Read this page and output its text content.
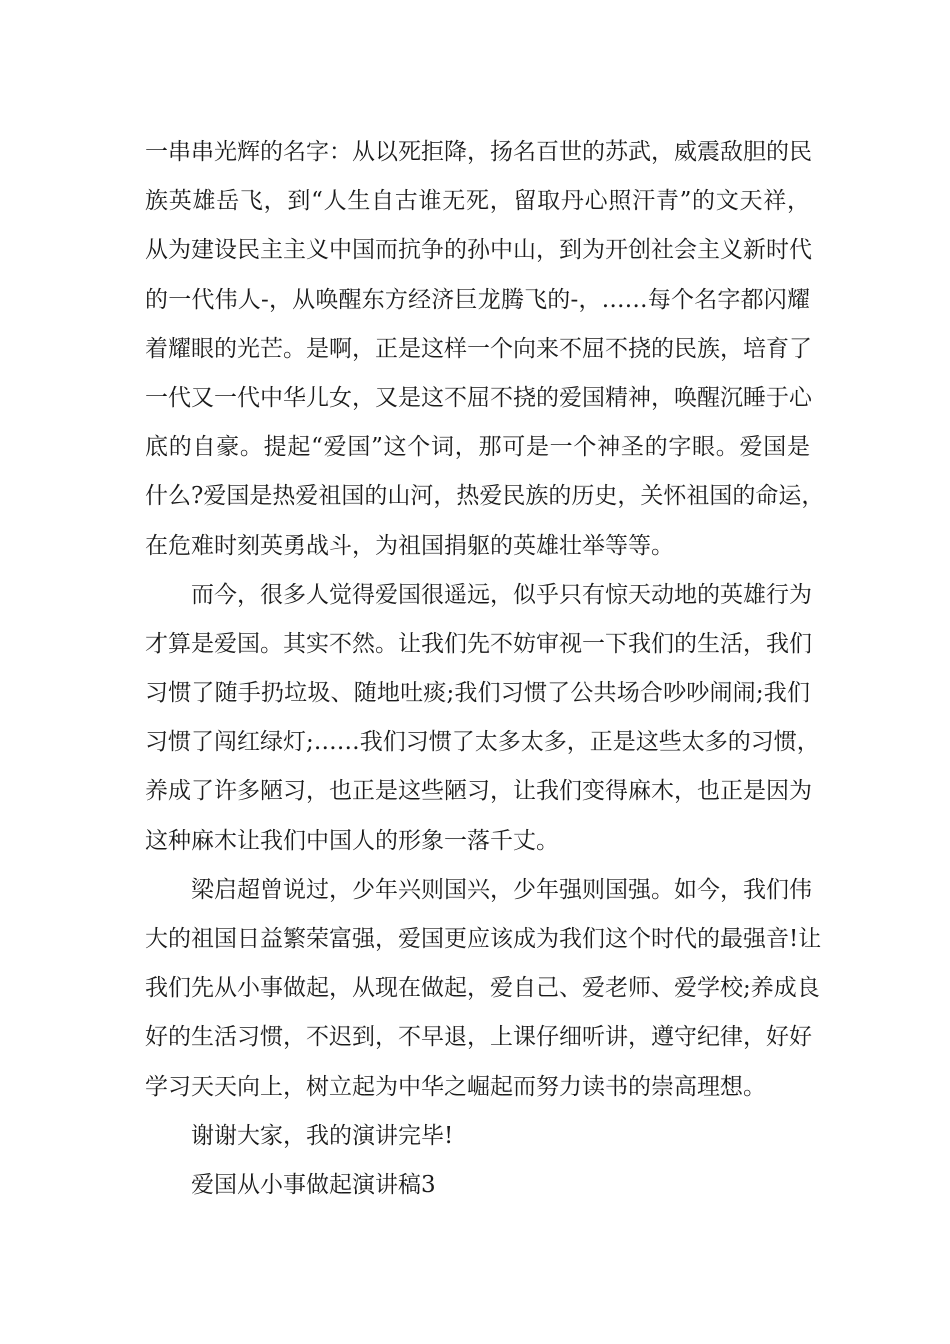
一串串光辉的名字：从以死拒降，扬名百世的苏武，威震敌胆的民
族英雄岳飞，到“人生自古谁无死，留取丹心照汗青”的文天祥，
从为建设民主主义中国而抗争的孙中山，到为开创社会主义新时代
的一代伟人-，从唤醒东方经济巨龙腾飞的-，……每个名字都闪耀
着耀眼的光芒。是啊，正是这样一个向来不屈不挠的民族，培育了
一代又一代中华儿女，又是这不屈不挠的爱国精神，唤醒沉睡于心
底的自豪。提起“爱国”这个词，那可是一个神圣的字眼。爱国是
什么?爱国是热爱祖国的山河，热爱民族的历史，关怀祖国的命运，
在危难时刻英勇战斗，为祖国捐躯的英雄壮举等等。
而今，很多人觉得爱国很遥远，似乎只有惊天动地的英雄行为
才算是爱国。其实不然。让我们先不妨审视一下我们的生活，我们
习惯了随手扔垃圾、随地吐痰;我们习惯了公共场合吵吵闹闹;我们
习惯了闯红绿灯;……我们习惯了太多太多，正是这些太多的习惯，
养成了许多陋习，也正是这些陋习，让我们变得麻木，也正是因为
这种麻木让我们中国人的形象一落千丈。
梁启超曾说过，少年兴则国兴，少年强则国强。如今，我们伟
大的祖国日益繁荣富强，爱国更应该成为我们这个时代的最强音!让
我们先从小事做起，从现在做起，爱自己、爱老师、爱学校;养成良
好的生活习惯，不迟到，不早退，上课仔细听讲，遵守纪律，好好
学习天天向上，树立起为中华之崛起而努力读书的崇高理想。
谢谢大家，我的演讲完毕!
爱国从小事做起演讲稿3
